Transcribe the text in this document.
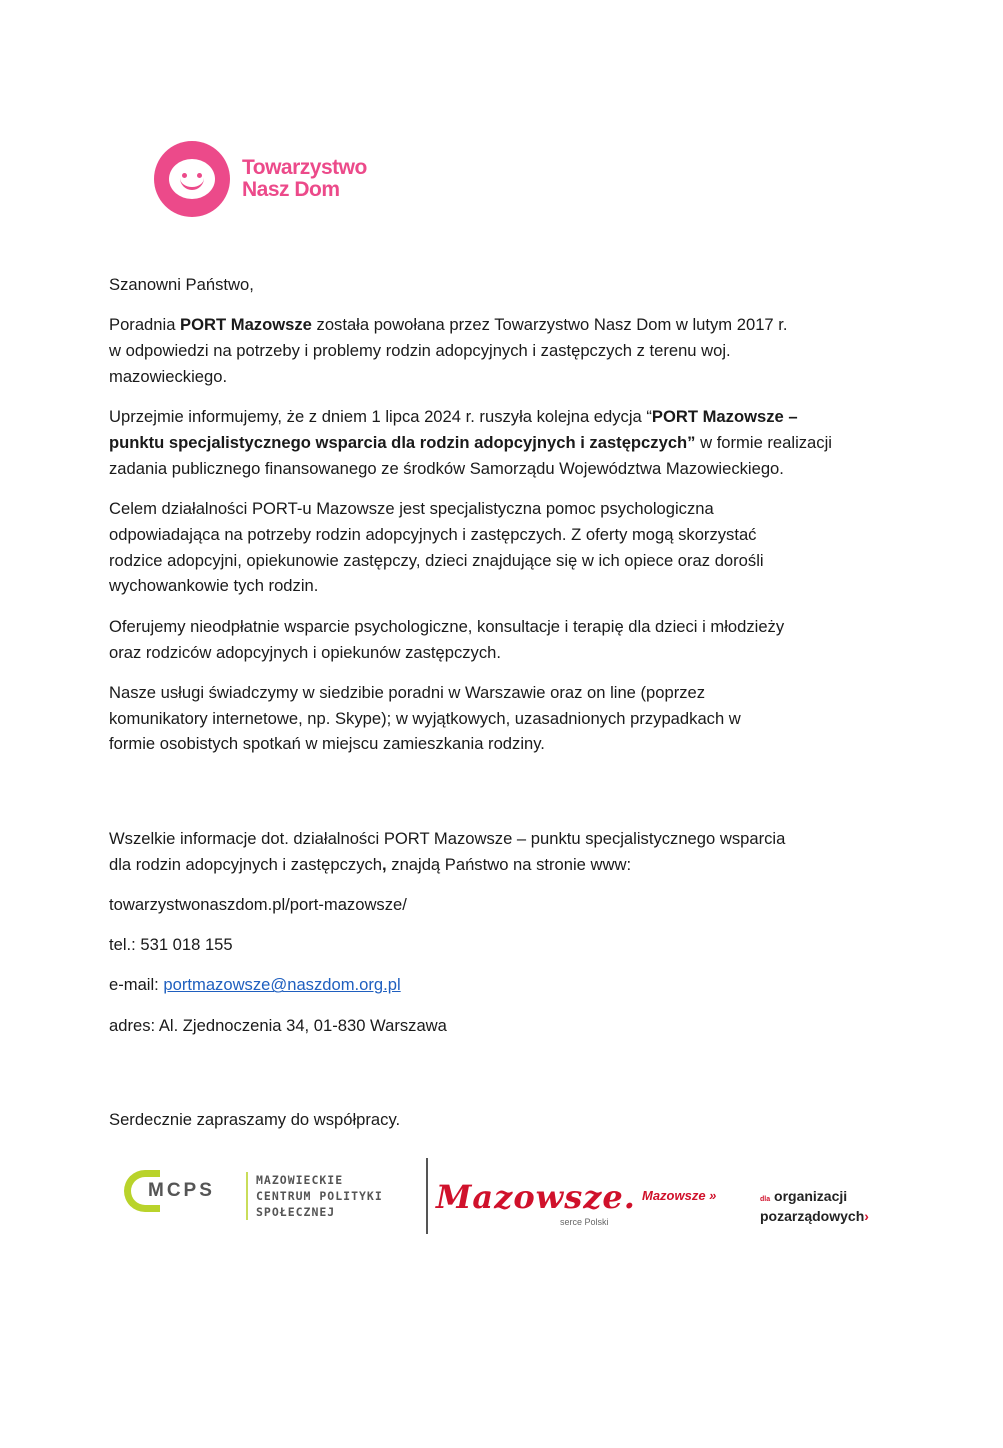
Towarzystwo
Nasz Dom
Szanowni Państwo,
Poradnia PORT Mazowsze została powołana przez Towarzystwo Nasz Dom w lutym 2017 r.
w odpowiedzi na potrzeby i problemy rodzin adopcyjnych i zastępczych z terenu woj.
mazowieckiego.
Uprzejmie informujemy, że z dniem 1 lipca 2024 r. ruszyła kolejna edycja “PORT Mazowsze –
punktu specjalistycznego wsparcia dla rodzin adopcyjnych i zastępczych” w formie realizacji
zadania publicznego finansowanego ze środków Samorządu Województwa Mazowieckiego.
Celem działalności PORT-u Mazowsze jest specjalistyczna pomoc psychologiczna
odpowiadająca na potrzeby rodzin adopcyjnych i zastępczych. Z oferty mogą skorzystać
rodzice adopcyjni, opiekunowie zastępczy, dzieci znajdujące się w ich opiece oraz dorośli
wychowankowie tych rodzin.
Oferujemy nieodpłatnie wsparcie psychologiczne, konsultacje i terapię dla dzieci i młodzieży
oraz rodziców adopcyjnych i opiekunów zastępczych.
Nasze usługi świadczymy w siedzibie poradni w Warszawie oraz on line (poprzez
komunikatory internetowe, np. Skype); w wyjątkowych, uzasadnionych przypadkach w
formie osobistych spotkań w miejscu zamieszkania rodziny.
Wszelkie informacje dot. działalności PORT Mazowsze – punktu specjalistycznego wsparcia
dla rodzin adopcyjnych i zastępczych, znajdą Państwo na stronie www:
towarzystwonaszdom.pl/port-mazowsze/
tel.: 531 018 155
e-mail: portmazowsze@naszdom.org.pl
adres: Al. Zjednoczenia 34, 01-830 Warszawa
Serdecznie zapraszamy do współpracy.
MCPS	MAZOWIECKIE
CENTRUM POLITYKI
SPOŁECZNEJ	Mazowsze.
serce Polski
Mazowsze »	dla organizacji
pozarządowych›
